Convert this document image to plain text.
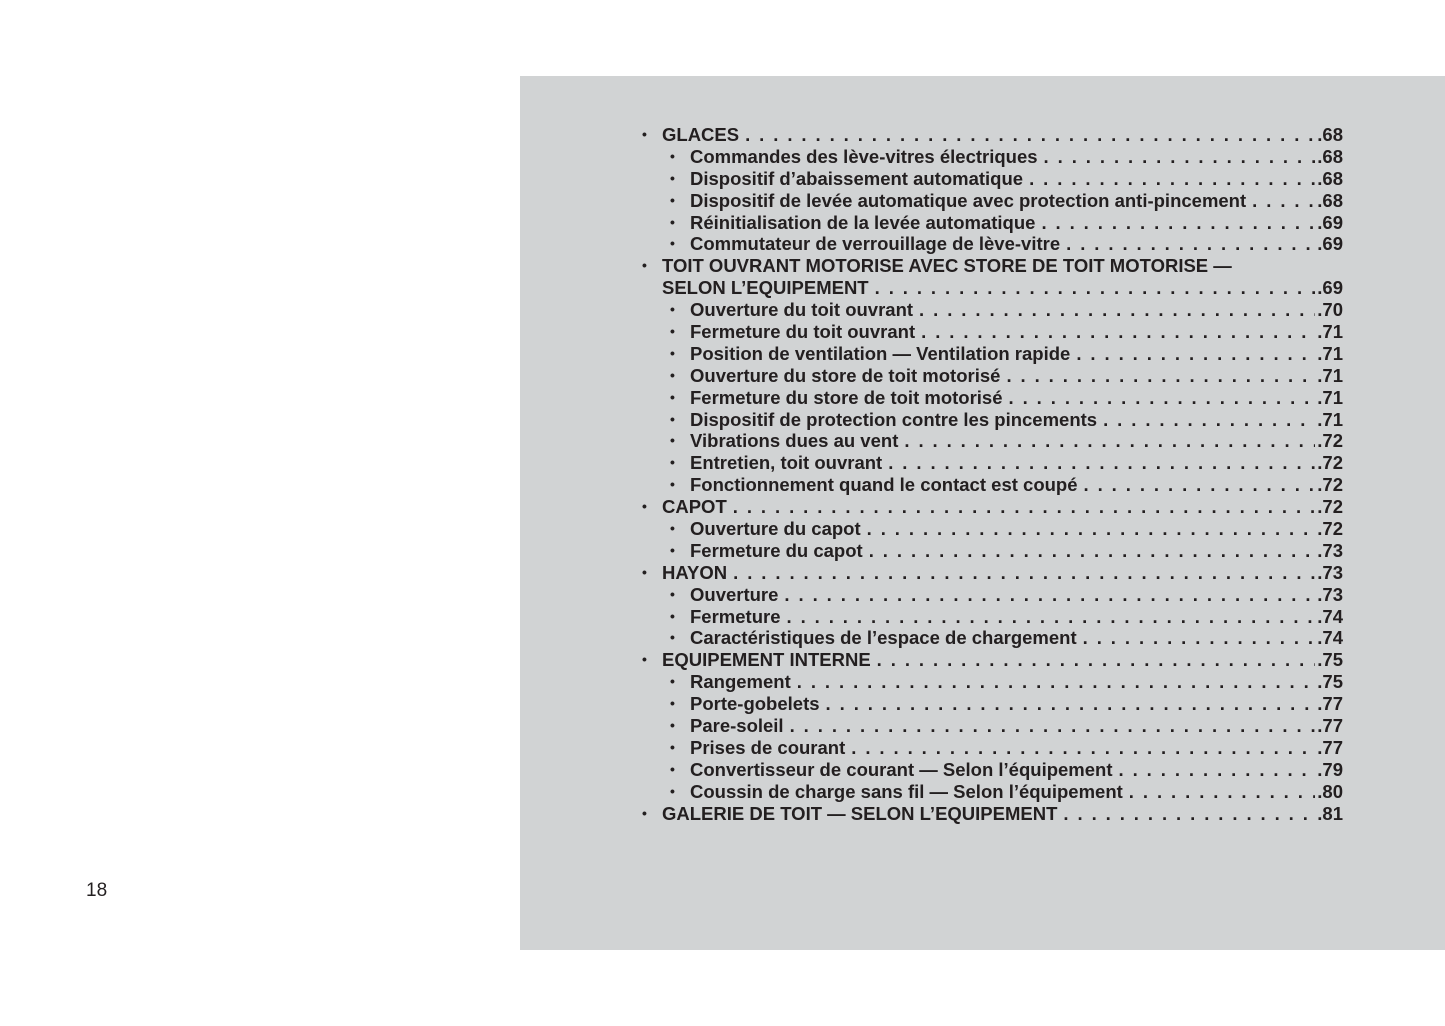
18
• GLACES . . .	.68
• Commandes des lève-vitres électriques . . .	.68
• Dispositif d’abaissement automatique . . .	.68
• Dispositif de levée automatique avec protection anti-pincement . . .	.68
• Réinitialisation de la levée automatique . . .	.69
• Commutateur de verrouillage de lève-vitre . . .	.69
• TOIT OUVRANT MOTORISE AVEC STORE DE TOIT MOTORISE —
SELON L’EQUIPEMENT . . .	.69
• Ouverture du toit ouvrant . . .	.70
• Fermeture du toit ouvrant . . .	.71
• Position de ventilation — Ventilation rapide . . .	.71
• Ouverture du store de toit motorisé . . .	.71
• Fermeture du store de toit motorisé . . .	.71
• Dispositif de protection contre les pincements . . .	.71
• Vibrations dues au vent . . .	.72
• Entretien, toit ouvrant . . .	.72
• Fonctionnement quand le contact est coupé . . .	.72
• CAPOT . . .	.72
• Ouverture du capot . . .	.72
• Fermeture du capot . . .	.73
• HAYON . . .	.73
• Ouverture . . .	.73
• Fermeture . . .	.74
• Caractéristiques de l’espace de chargement . . .	.74
• EQUIPEMENT INTERNE . . .	.75
• Rangement . . .	.75
• Porte-gobelets . . .	.77
• Pare-soleil . . .	.77
• Prises de courant . . .	.77
• Convertisseur de courant — Selon l’équipement . . .	.79
• Coussin de charge sans fil — Selon l’équipement . . .	.80
• GALERIE DE TOIT — SELON L’EQUIPEMENT . . .	.81
